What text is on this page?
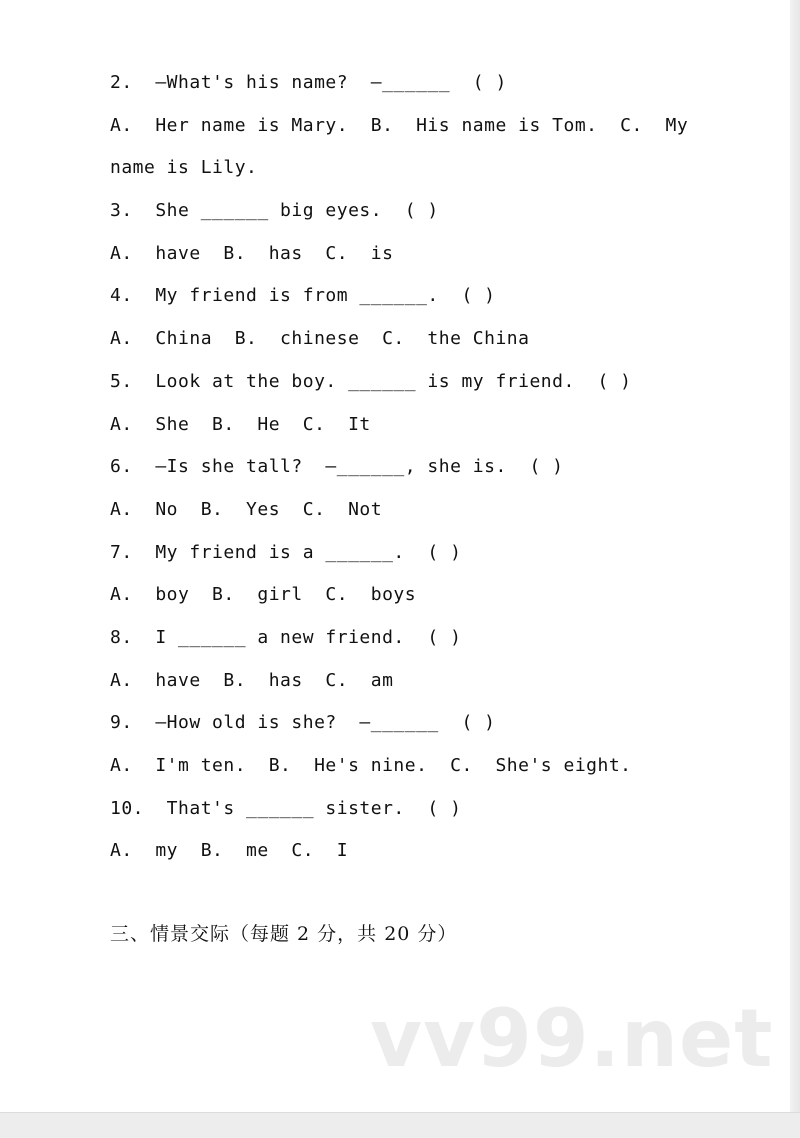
2.  —What's his name?  —______  ( )
A.  Her name is Mary.  B.  His name is Tom.  C.  My
name is Lily.
3.  She ______ big eyes.  ( )
A.  have  B.  has  C.  is
4.  My friend is from ______.  ( )
A.  China  B.  chinese  C.  the China
5.  Look at the boy. ______ is my friend.  ( )
A.  She  B.  He  C.  It
6.  —Is she tall?  —______, she is.  ( )
A.  No  B.  Yes  C.  Not
7.  My friend is a ______.  ( )
A.  boy  B.  girl  C.  boys
8.  I ______ a new friend.  ( )
A.  have  B.  has  C.  am
9.  —How old is she?  —______  ( )
A.  I'm ten.  B.  He's nine.  C.  She's eight.
10.  That's ______ sister.  ( )
A.  my  B.  me  C.  I
三、情景交际（每题 2 分，共 20 分）
vv99.net
